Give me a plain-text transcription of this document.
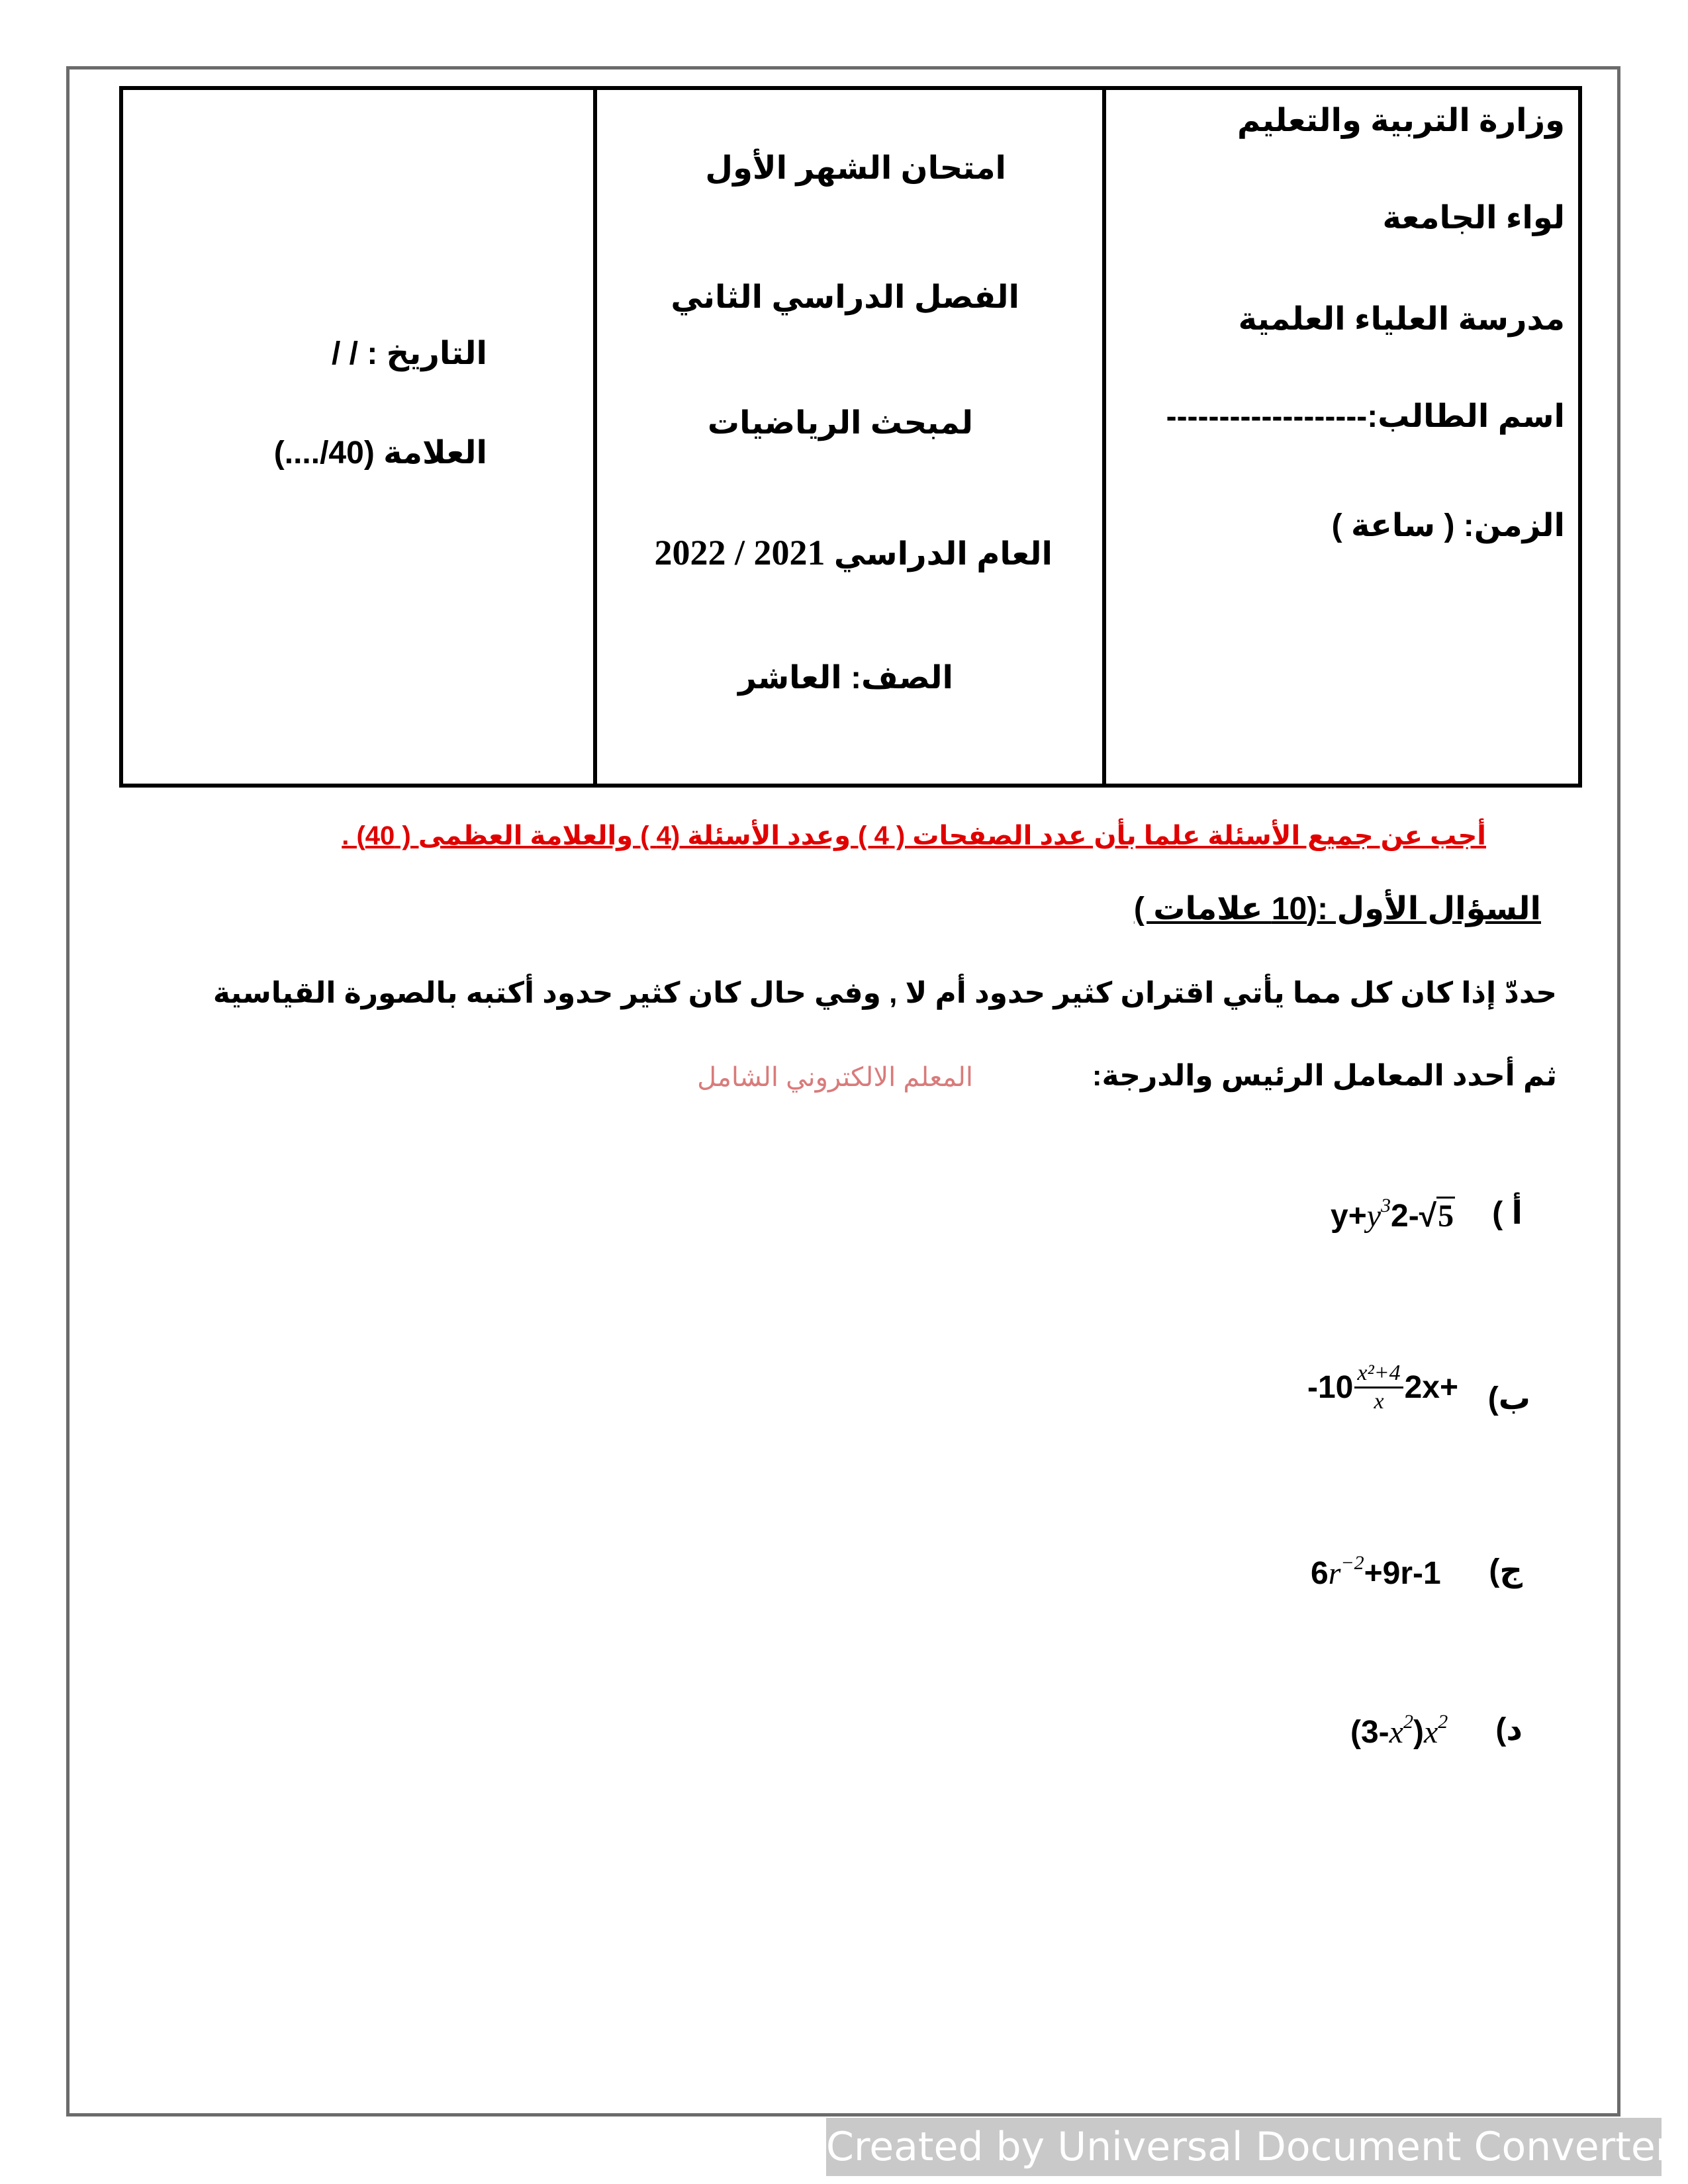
التاريخ : / /
العلامة (..../40)
امتحان الشهر الأول
الفصل الدراسي الثاني
لمبحث الرياضيات
العام الدراسي 2022 / 2021
الصف: العاشر
وزارة التربية والتعليم
لواء الجامعة
مدرسة العلياء العلمية
اسم الطالب:-------------------
الزمن: ( ساعة )
أجب عن جميع الأسئلة علما بأن عدد الصفحات ( 4 ) وعدد الأسئلة (4 ) والعلامة العظمى ( 40) .
السؤال الأول :(10 علامات )
حددّ إذا كان كل مما يأتي اقتران كثير حدود أم لا , وفي حال كان كثير حدود أكتبه بالصورة القياسية
ثم أحدد المعامل الرئيس والدرجة:
المعلم الالكتروني الشامل
أ )
$y+y^32-√5$
ب)
$-10 \frac{\text{x²+4}}{x} 2x+$
ج)
$6r^{-2}+9r-1$
د)
$(3-x^2)x^2$
Created by Universal Document Converter
